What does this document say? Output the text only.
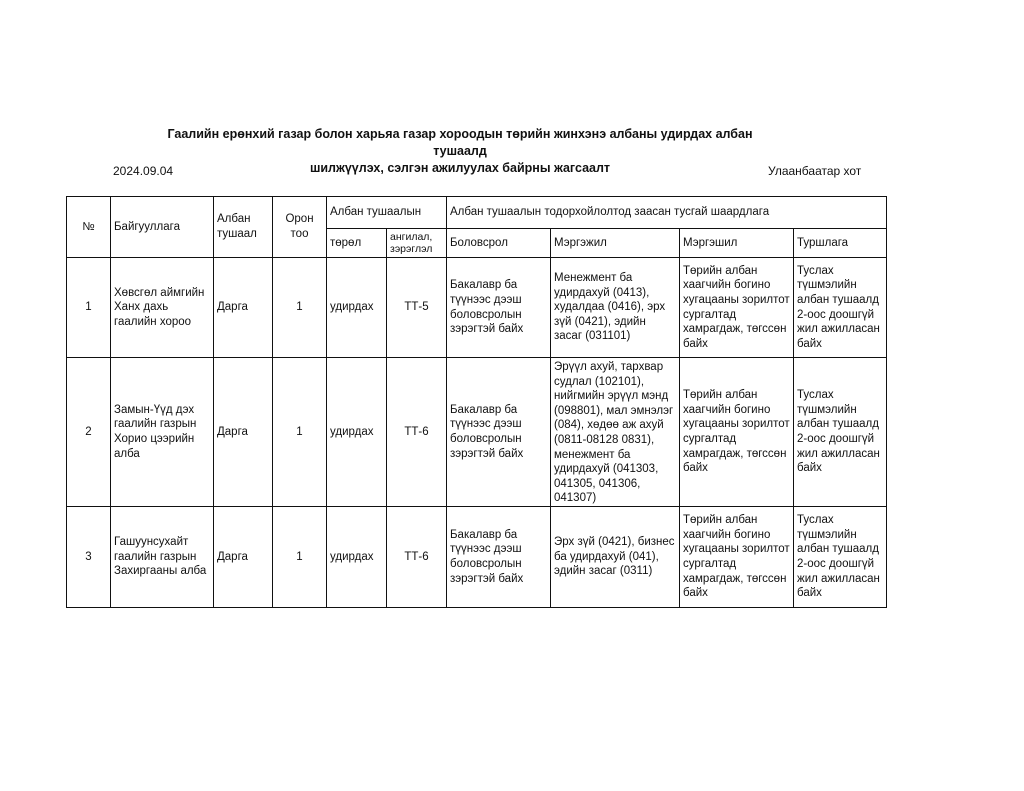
Гаалийн ерөнхий газар болон харьяа газар хороодын төрийн жинхэнэ албаны удирдах албан тушаалд
шилжүүлэх, сэлгэн ажилуулах байрны жагсаалт
2024.09.04	Улаанбаатар хот
№	Байгууллага	Албан тушаал	Орон тоо	Албан тушаалын		Албан тушаалын тодорхойлолтод заасан тусгай шаардлага			
				төрөл	ангилал, зэрэглэл	Боловсрол	Мэргэжил	Мэргэшил	Туршлага
1	Хөвсгөл аймгийн Ханх дахь гаалийн хороо	Дарга	1	удирдах	ТТ-5	Бакалавр ба түүнээс дээш боловсролын зэрэгтэй байх	Менежмент ба удирдахуй (0413), худалдаа (0416), эрх зүй (0421), эдийн засаг (031101)	Төрийн албан хаагчийн богино хугацааны зорилтот сургалтад хамрагдаж, төгссөн байх	Туслах түшмэлийн албан тушаалд 2-оос доошгүй жил ажилласан байх
2	Замын-Үүд дэх гаалийн газрын Хорио цээрийн алба	Дарга	1	удирдах	ТТ-6	Бакалавр ба түүнээс дээш боловсролын зэрэгтэй байх	Эрүүл ахуй, тархвар судлал (102101), нийгмийн эрүүл мэнд (098801), мал эмнэлэг (084), хөдөө аж ахуй (0811-08128 0831), менежмент ба удирдахуй (041303, 041305, 041306, 041307)	Төрийн албан хаагчийн богино хугацааны зорилтот сургалтад хамрагдаж, төгссөн байх	Туслах түшмэлийн албан тушаалд 2-оос доошгүй жил ажилласан байх
3	Гашуунсухайт гаалийн газрын Захиргааны алба	Дарга	1	удирдах	ТТ-6	Бакалавр ба түүнээс дээш боловсролын зэрэгтэй байх	Эрх зүй (0421), бизнес ба удирдахуй (041), эдийн засаг (0311)	Төрийн албан хаагчийн богино хугацааны зорилтот сургалтад хамрагдаж, төгссөн байх	Туслах түшмэлийн албан тушаалд 2-оос доошгүй жил ажилласан байх
